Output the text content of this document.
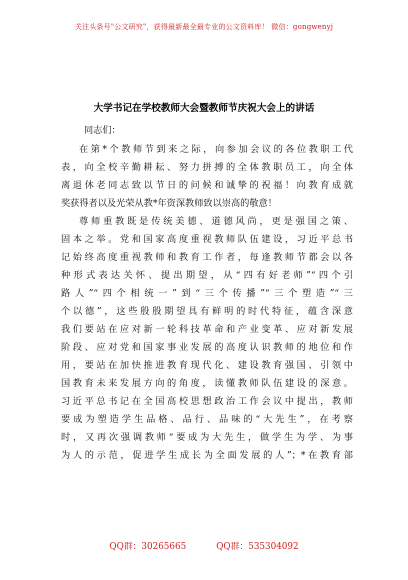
关注头条号"公文研究"，获得最新最全最专业的公文资料库！ 微信：gongwenyj
大学书记在学校教师大会暨教师节庆祝大会上的讲话
同志们：
在第*个教师节到来之际，向参加会议的各位教职工代
表，向全校辛勤耕耘、努力拼搏的全体教职员工，向全体
离退休老同志致以节日的问候和诚挚的祝福！向教育成就
奖获得者以及光荣从教*年资深教师致以崇高的敬意！
尊师重教既是传统美德、道德风尚，更是强国之策、
固本之举。党和国家高度重视教师队伍建设，习近平总书
记始终高度重视教师和教育工作者，每逢教师节都会以各
种形式表达关怀、提出期望，从“四有好老师”“四个引
路人”“四个相统一”到“三个传播”“三个塑造”“三
个以德”，这些殷殷期望具有鲜明的时代特征，蕴含深意
我们要站在应对新一轮科技革命和产业变革、应对新发展
阶段、应对党和国家事业发展的高度认识教师的地位和作
用，要站在加快推进教育现代化、建设教育强国、引领中
国教育未来发展方向的角度，读懂教师队伍建设的深意。
习近平总书记在全国高校思想政治工作会议中提出，教师
要成为塑造学生品格、品行、品味的“大先生”，在考察
时，又再次强调教师“要成为大先生，做学生为学、为事
为人的示范，促进学生成长为全面发展的人”；*在教育部
QQ群：30265665	QQ群：535304092
